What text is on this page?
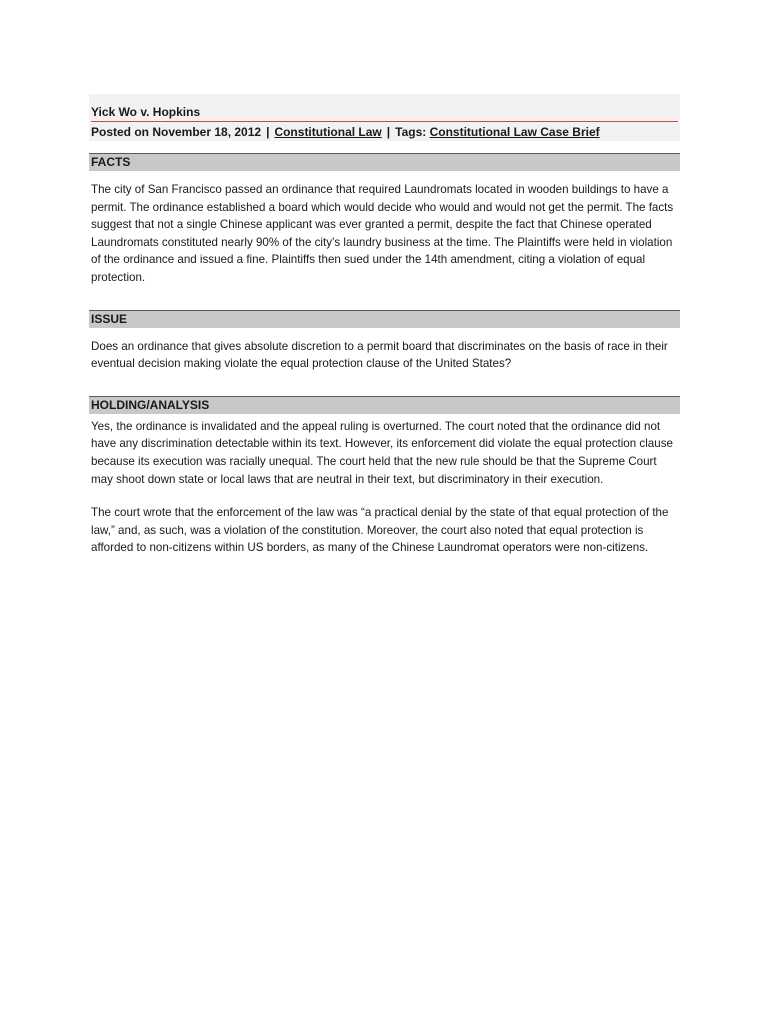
Yick Wo v. Hopkins
Posted on November 18, 2012 | Constitutional Law | Tags: Constitutional Law Case Brief
FACTS

The city of San Francisco passed an ordinance that required Laundromats located in wooden buildings to have a permit. The ordinance established a board which would decide who would and would not get the permit. The facts suggest that not a single Chinese applicant was ever granted a permit, despite the fact that Chinese operated Laundromats constituted nearly 90% of the city’s laundry business at the time. The Plaintiffs were held in violation of the ordinance and issued a fine. Plaintiffs then sued under the 14th amendment, citing a violation of equal protection.

ISSUE

Does an ordinance that gives absolute discretion to a permit board that discriminates on the basis of race in their eventual decision making violate the equal protection clause of the United States?

HOLDING/ANALYSIS

Yes, the ordinance is invalidated and the appeal ruling is overturned. The court noted that the ordinance did not have any discrimination detectable within its text. However, its enforcement did violate the equal protection clause because its execution was racially unequal. The court held that the new rule should be that the Supreme Court may shoot down state or local laws that are neutral in their text, but discriminatory in their execution.

The court wrote that the enforcement of the law was “a practical denial by the state of that equal protection of the law,” and, as such, was a violation of the constitution. Moreover, the court also noted that equal protection is afforded to non-citizens within US borders, as many of the Chinese Laundromat operators were non-citizens.
